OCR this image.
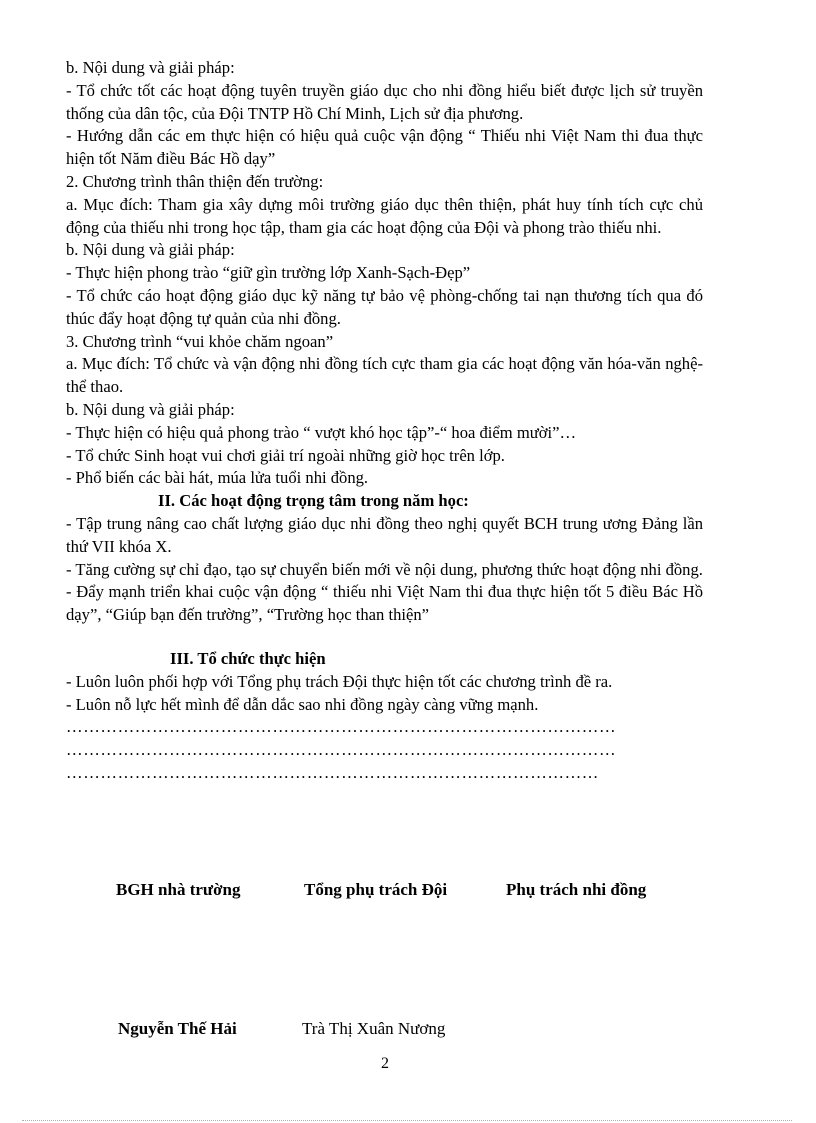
b. Nội dung và giải pháp:

- Tổ chức tốt các hoạt động tuyên truyền giáo dục cho nhi đồng hiểu biết được lịch sử truyền thống của dân tộc, của Đội TNTP Hồ Chí Minh, Lịch sử địa phương.

- Hướng dẫn các em thực hiện có hiệu quả cuộc vận động “ Thiếu nhi Việt Nam thi đua thực hiện tốt Năm điều Bác Hồ dạy”

2. Chương trình thân thiện đến trường:

a. Mục đích: Tham gia xây dựng môi trường giáo dục thên thiện, phát huy tính tích cực chủ động của thiếu nhi trong học tập, tham gia các hoạt động của Đội và phong trào thiếu nhi.

b. Nội dung và giải pháp:

- Thực hiện phong trào “giữ gìn trường lớp Xanh-Sạch-Đẹp”

- Tổ chức cáo hoạt động giáo dục kỹ năng tự bảo vệ phòng-chống tai nạn thương tích qua đó thúc đẩy hoạt động tự quản của nhi đồng.

3. Chương trình “vui khỏe chăm ngoan”

a. Mục đích: Tổ chức và vận động nhi đồng tích cực tham gia các hoạt động văn hóa-văn nghệ-thể thao.

b. Nội dung và giải pháp:

- Thực hiện có hiệu quả phong trào “ vượt khó học tập”-“ hoa điểm mười”…

- Tổ chức Sinh hoạt vui chơi giải trí ngoài những giờ học trên lớp.

- Phổ biến các bài hát, múa lửa tuổi nhi đồng.

II. Các hoạt động trọng tâm trong năm học:

- Tập trung nâng cao chất lượng giáo dục nhi đồng theo nghị quyết BCH trung ương Đảng lần thứ VII khóa X.

- Tăng cường sự chỉ đạo, tạo sự chuyển biến mới về nội dung, phương thức hoạt động nhi đồng.

- Đẩy mạnh triển khai cuộc vận động “ thiếu nhi Việt Nam thi đua thực hiện tốt 5 điều Bác Hồ dạy”, “Giúp bạn đến trường”, “Trường học than thiện”

III. Tổ chức thực hiện

- Luôn luôn phối hợp với Tổng phụ trách Đội thực hiện tốt các chương trình đề ra.

- Luôn nỗ lực hết mình để dẫn dắc sao nhi đồng ngày càng vững mạnh.

……………………………………………………………………………………

……………………………………………………………………………………

…………………………………………………………………………………

BGH nhà trường	Tổng phụ trách Đội	Phụ trách nhi đồng
Nguyễn Thế Hải	Trà Thị Xuân Nương
2
